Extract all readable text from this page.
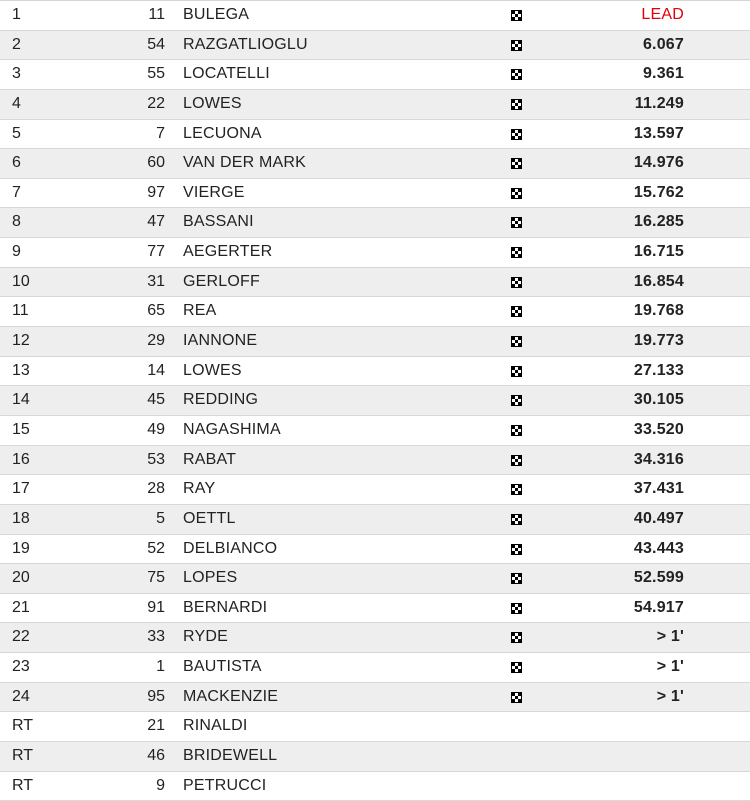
1	11 BULEGA	LEAD
2	54 RAZGATLIOGLU	6.067
3	55 LOCATELLI	9.361
4	22 LOWES	11.249
5	7 LECUONA	13.597
6	60 VAN DER MARK	14.976
7	97 VIERGE	15.762
8	47 BASSANI	16.285
9	77 AEGERTER	16.715
10	31 GERLOFF	16.854
11	65 REA	19.768
12	29 IANNONE	19.773
13	14 LOWES	27.133
14	45 REDDING	30.105
15	49 NAGASHIMA	33.520
16	53 RABAT	34.316
17	28 RAY	37.431
18	5 OETTL	40.497
19	52 DELBIANCO	43.443
20	75 LOPES	52.599
21	91 BERNARDI	54.917
22	33 RYDE	> 1'
23	1 BAUTISTA	> 1'
24	95 MACKENZIE	> 1'
RT	21 RINALDI
RT	46 BRIDEWELL
RT	9 PETRUCCI
